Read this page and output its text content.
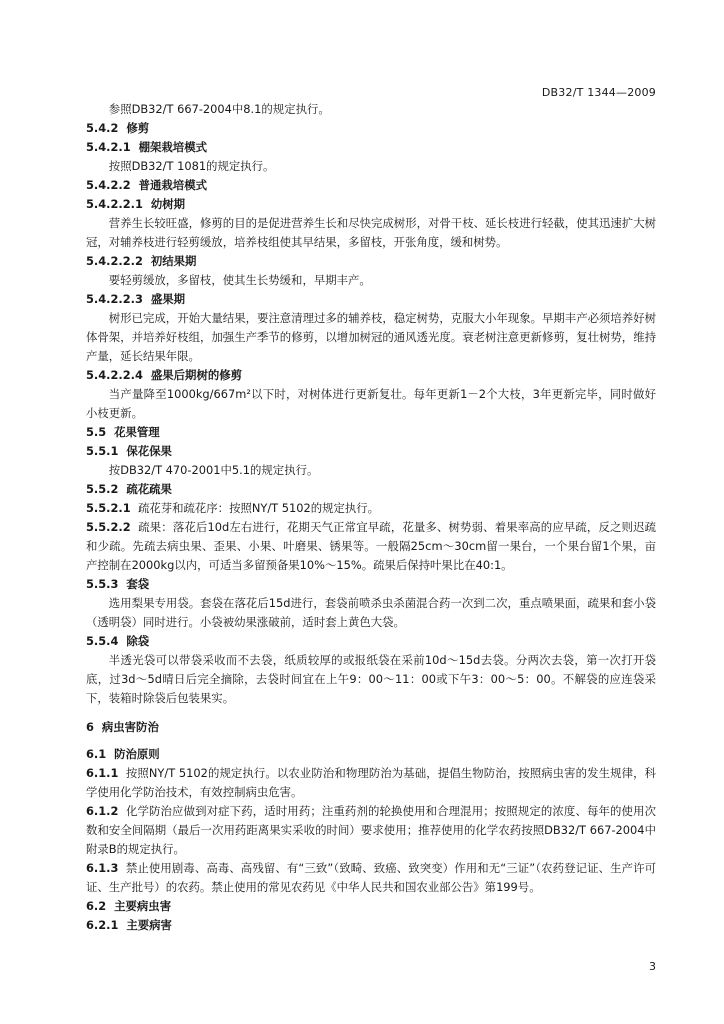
DB32/T 1344—2009
参照DB32/T 667-2004中8.1的规定执行。
5.4.2 修剪
5.4.2.1 棚架栽培模式
按照DB32/T 1081的规定执行。
5.4.2.2 普通栽培模式
5.4.2.2.1 幼树期

营养生长较旺盛，修剪的目的是促进营养生长和尽快完成树形，对骨干枝、延长枝进行轻截，使其迅速扩大树冠，对辅养枝进行轻剪缓放，培养枝组使其早结果，多留枝，开张角度，缓和树势。

5.4.2.2.2 初结果期
要轻剪缓放，多留枝，使其生长势缓和，早期丰产。
5.4.2.2.3 盛果期

树形已完成，开始大量结果，要注意清理过多的辅养枝，稳定树势，克服大小年现象。早期丰产必须培养好树体骨架，并培养好枝组，加强生产季节的修剪，以增加树冠的通风透光度。衰老树注意更新修剪，复壮树势，维持产量，延长结果年限。

5.4.2.2.4 盛果后期树的修剪

当产量降至1000kg/667m²以下时，对树体进行更新复壮。每年更新1－2个大枝，3年更新完毕，同时做好小枝更新。

5.5 花果管理
5.5.1 保花保果
按DB32/T 470-2001中5.1的规定执行。
5.5.2 疏花疏果
5.5.2.1 疏花芽和疏花序：按照NY/T 5102的规定执行。

5.5.2.2 疏果：落花后10d左右进行，花期天气正常宜早疏，花量多、树势弱、着果率高的应早疏，反之则迟疏和少疏。先疏去病虫果、歪果、小果、叶磨果、锈果等。一般隔25cm～30cm留一果台，一个果台留1个果，亩产控制在2000kg以内，可适当多留预备果10%～15%。疏果后保持叶果比在40:1。

5.5.3 套袋

选用梨果专用袋。套袋在落花后15d进行，套袋前喷杀虫杀菌混合药一次到二次，重点喷果面，疏果和套小袋（透明袋）同时进行。小袋被幼果涨破前，适时套上黄色大袋。

5.5.4 除袋

半透光袋可以带袋采收而不去袋，纸质较厚的或报纸袋在采前10d～15d去袋。分两次去袋，第一次打开袋底，过3d～5d晴日后完全摘除，去袋时间宜在上午9：00～11：00或下午3：00～5：00。不解袋的应连袋采下，装箱时除袋后包装果实。

6 病虫害防治
6.1 防治原则

6.1.1 按照NY/T 5102的规定执行。以农业防治和物理防治为基础，提倡生物防治，按照病虫害的发生规律，科学使用化学防治技术，有效控制病虫危害。

6.1.2 化学防治应做到对症下药，适时用药；注重药剂的轮换使用和合理混用；按照规定的浓度、每年的使用次数和安全间隔期（最后一次用药距离果实采收的时间）要求使用；推荐使用的化学农药按照DB32/T 667-2004中附录B的规定执行。

6.1.3 禁止使用剧毒、高毒、高残留、有“三致”（致畸、致癌、致突变）作用和无“三证”（农药登记证、生产许可证、生产批号）的农药。禁止使用的常见农药见《中华人民共和国农业部公告》第199号。

6.2 主要病虫害
6.2.1 主要病害
3
